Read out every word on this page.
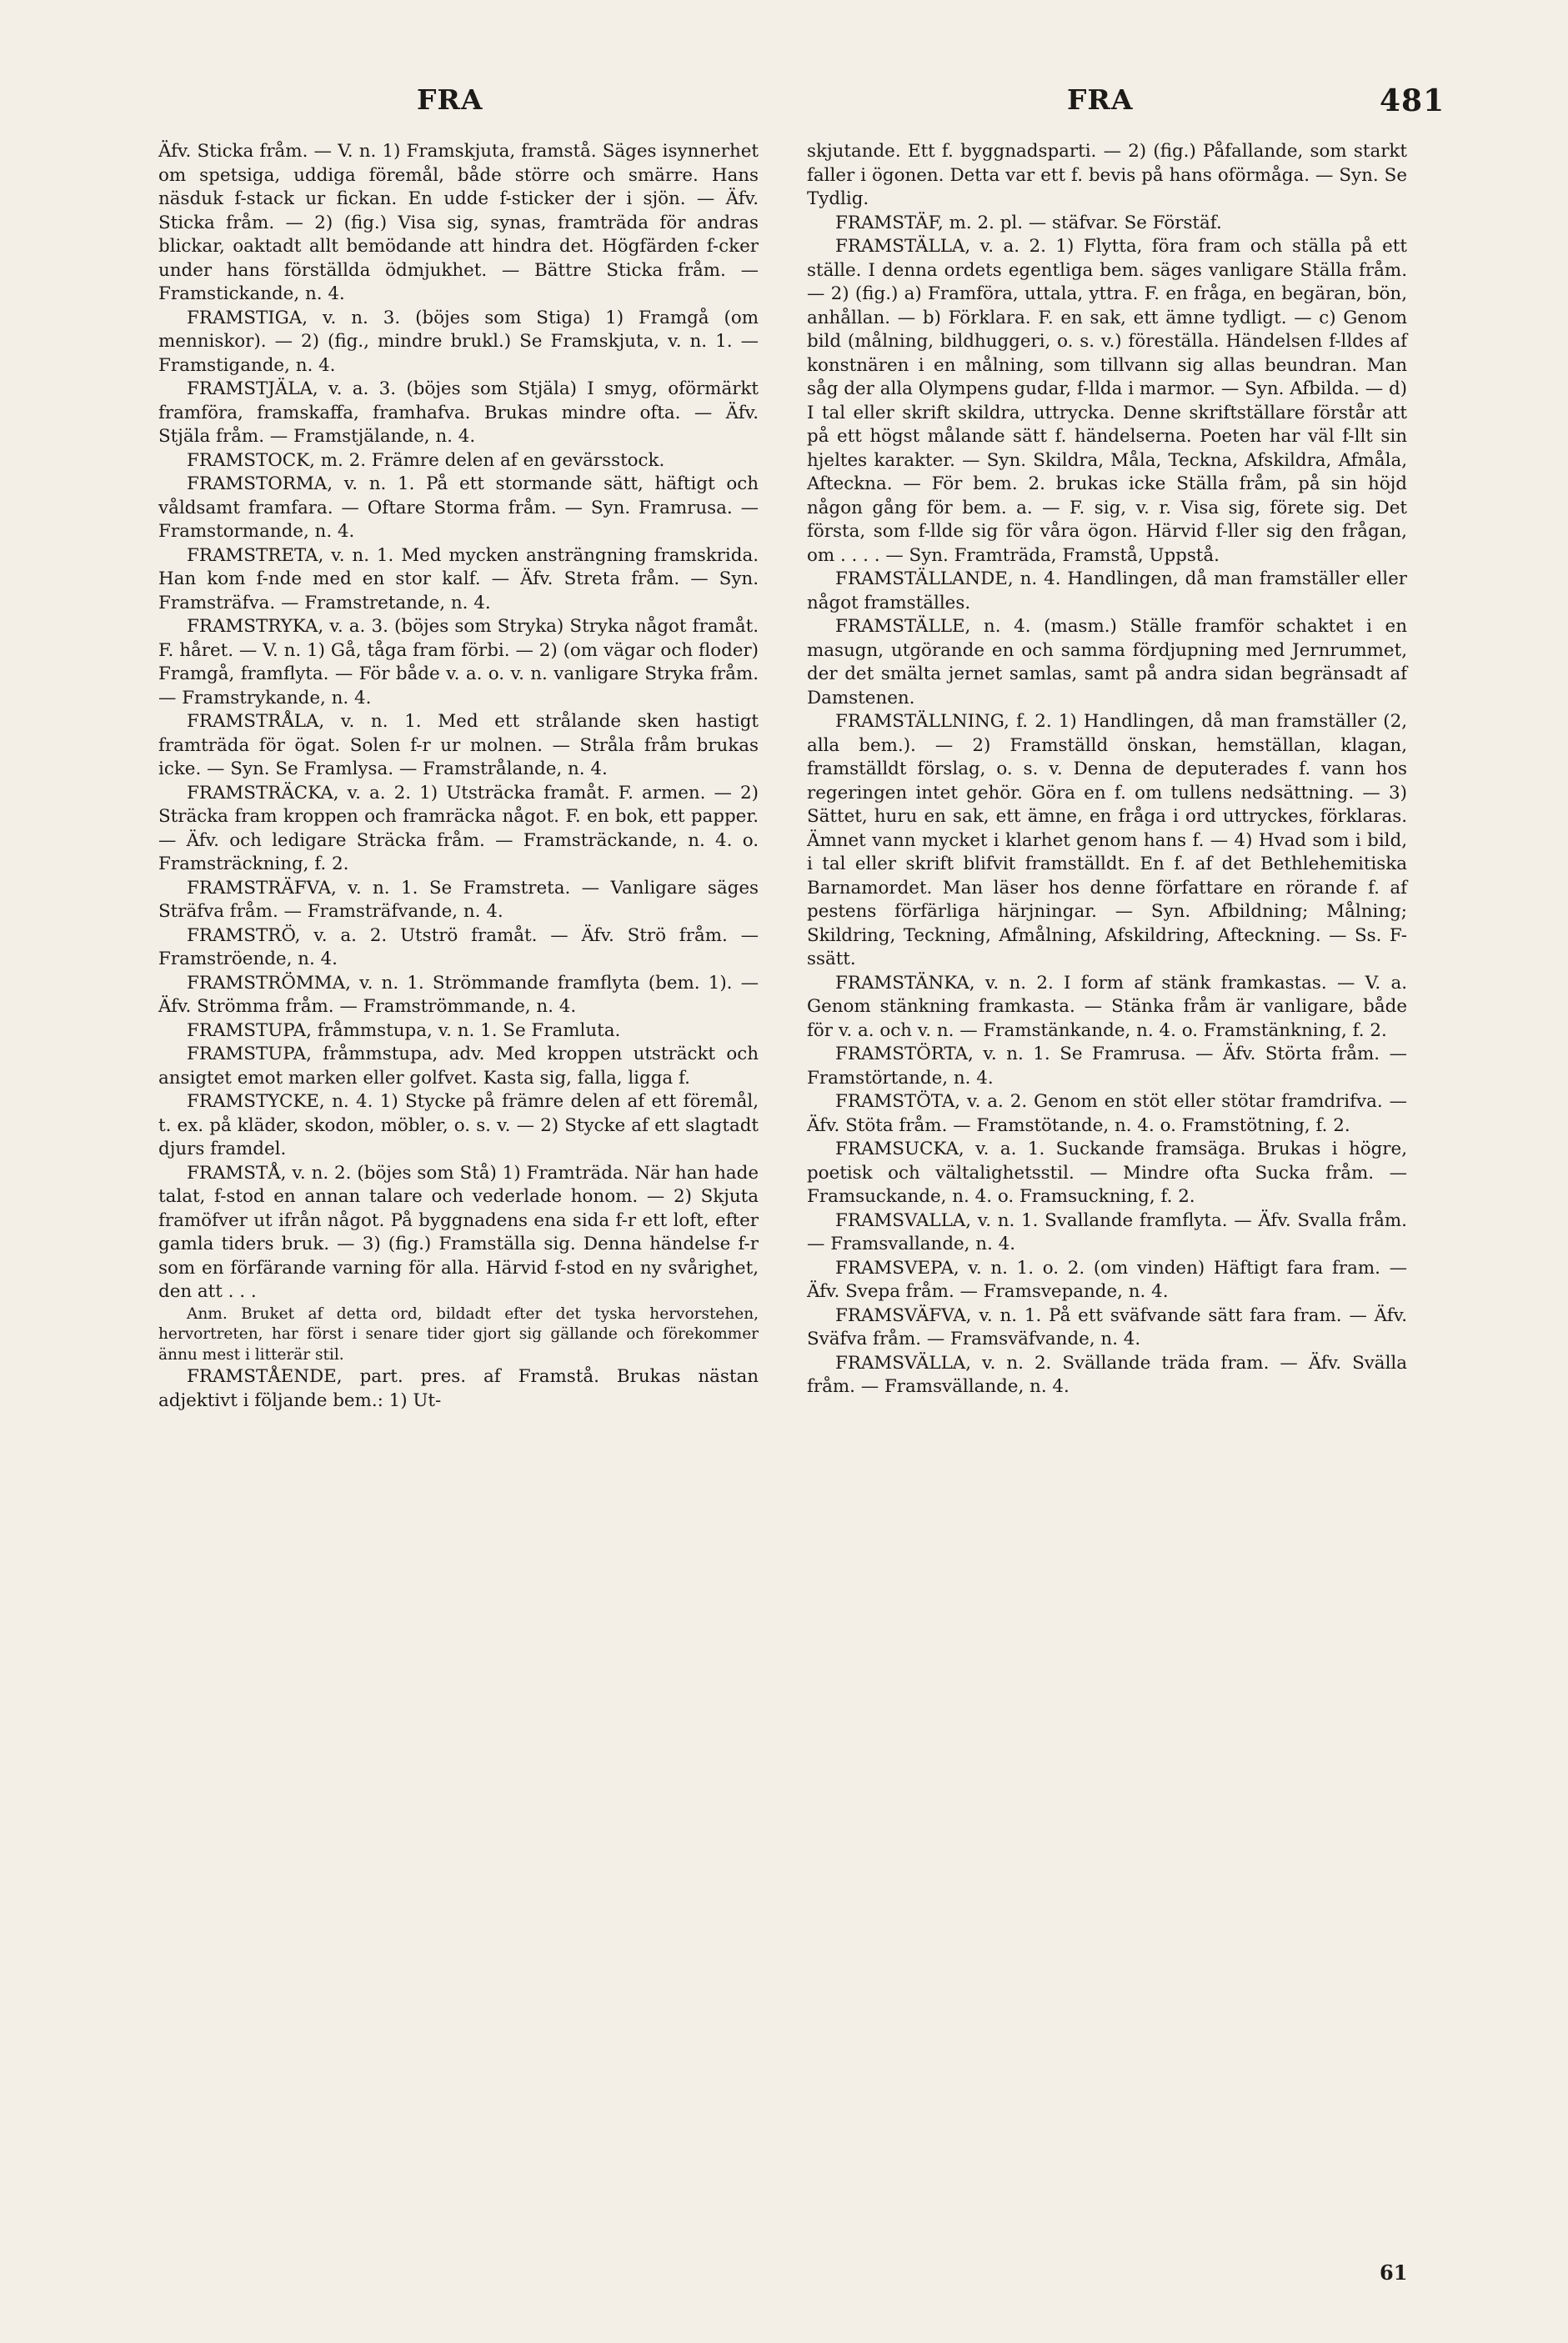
FRA	FRA	481

Äfv. Sticka fråm. — V. n. 1) Framskjuta, framstå. Säges isynnerhet om spetsiga, uddiga föremål, både större och smärre. Hans näsduk f-stack ur fickan. En udde f-sticker der i sjön. — Äfv. Sticka fråm. — 2) (fig.) Visa sig, synas, framträda för andras blickar, oaktadt allt bemödande att hindra det. Högfärden f-cker under hans förställda ödmjukhet. — Bättre Sticka fråm. — Framstickande, n. 4.

FRAMSTIGA, v. n. 3. (böjes som Stiga) 1) Framgå (om menniskor). — 2) (fig., mindre brukl.) Se Framskjuta, v. n. 1. — Framstigande, n. 4.

FRAMSTJÄLA, v. a. 3. (böjes som Stjäla) I smyg, oförmärkt framföra, framskaffa, framhafva. Brukas mindre ofta. — Äfv. Stjäla fråm. — Framstjälande, n. 4.

FRAMSTOCK, m. 2. Främre delen af en gevärsstock.

FRAMSTORMA, v. n. 1. På ett stormande sätt, häftigt och våldsamt framfara. — Oftare Storma fråm. — Syn. Framrusa. — Framstormande, n. 4.

FRAMSTRETA, v. n. 1. Med mycken ansträngning framskrida. Han kom f-nde med en stor kalf. — Äfv. Streta fråm. — Syn. Framsträfva. — Framstretande, n. 4.

FRAMSTRYKA, v. a. 3. (böjes som Stryka) Stryka något framåt. F. håret. — V. n. 1) Gå, tåga fram förbi. — 2) (om vägar och floder) Framgå, framflyta. — För både v. a. o. v. n. vanligare Stryka fråm. — Framstrykande, n. 4.

FRAMSTRÅLA, v. n. 1. Med ett strålande sken hastigt framträda för ögat. Solen f-r ur molnen. — Stråla fråm brukas icke. — Syn. Se Framlysa. — Framstrålande, n. 4.

FRAMSTRÄCKA, v. a. 2. 1) Utsträcka framåt. F. armen. — 2) Sträcka fram kroppen och framräcka något. F. en bok, ett papper. — Äfv. och ledigare Sträcka fråm. — Framsträckande, n. 4. o. Framsträckning, f. 2.

FRAMSTRÄFVA, v. n. 1. Se Framstreta. — Vanligare säges Sträfva fråm. — Framsträfvande, n. 4.

FRAMSTRÖ, v. a. 2. Utströ framåt. — Äfv. Strö fråm. — Framströende, n. 4.

FRAMSTRÖMMA, v. n. 1. Strömmande framflyta (bem. 1). — Äfv. Strömma fråm. — Framströmmande, n. 4.

FRAMSTUPA, fråmmstupa, v. n. 1. Se Framluta.

FRAMSTUPA, fråmmstupa, adv. Med kroppen utsträckt och ansigtet emot marken eller golfvet. Kasta sig, falla, ligga f.

FRAMSTYCKE, n. 4. 1) Stycke på främre delen af ett föremål, t. ex. på kläder, skodon, möbler, o. s. v. — 2) Stycke af ett slagtadt djurs framdel.

FRAMSTÅ, v. n. 2. (böjes som Stå) 1) Framträda. När han hade talat, f-stod en annan talare och vederlade honom. — 2) Skjuta framöfver ut ifrån något. På byggnadens ena sida f-r ett loft, efter gamla tiders bruk. — 3) (fig.) Framställa sig. Denna händelse f-r som en förfärande varning för alla. Härvid f-stod en ny svårighet, den att . . .

Anm. Bruket af detta ord, bildadt efter det tyska hervorstehen, hervortreten, har först i senare tider gjort sig gällande och förekommer ännu mest i litterär stil.

FRAMSTÅENDE, part. pres. af Framstå. Brukas nästan adjektivt i följande bem.: 1) Ut-

skjutande. Ett f. byggnadsparti. — 2) (fig.) Påfallande, som starkt faller i ögonen. Detta var ett f. bevis på hans oförmåga. — Syn. Se Tydlig.

FRAMSTÄF, m. 2. pl. — stäfvar. Se Förstäf.

FRAMSTÄLLA, v. a. 2. 1) Flytta, föra fram och ställa på ett ställe. I denna ordets egentliga bem. säges vanligare Ställa fråm. — 2) (fig.) a) Framföra, uttala, yttra. F. en fråga, en begäran, bön, anhållan. — b) Förklara. F. en sak, ett ämne tydligt. — c) Genom bild (målning, bildhuggeri, o. s. v.) föreställa. Händelsen f-lldes af konstnären i en målning, som tillvann sig allas beundran. Man såg der alla Olympens gudar, f-llda i marmor. — Syn. Afbilda. — d) I tal eller skrift skildra, uttrycka. Denne skriftställare förstår att på ett högst målande sätt f. händelserna. Poeten har väl f-llt sin hjeltes karakter. — Syn. Skildra, Måla, Teckna, Afskildra, Afmåla, Afteckna. — För bem. 2. brukas icke Ställa fråm, på sin höjd någon gång för bem. a. — F. sig, v. r. Visa sig, förete sig. Det första, som f-llde sig för våra ögon. Härvid f-ller sig den frågan, om . . . . — Syn. Framträda, Framstå, Uppstå.

FRAMSTÄLLANDE, n. 4. Handlingen, då man framställer eller något framställes.

FRAMSTÄLLE, n. 4. (masm.) Ställe framför schaktet i en masugn, utgörande en och samma fördjupning med Jernrummet, der det smälta jernet samlas, samt på andra sidan begränsadt af Damstenen.

FRAMSTÄLLNING, f. 2. 1) Handlingen, då man framställer (2, alla bem.). — 2) Framställd önskan, hemställan, klagan, framställdt förslag, o. s. v. Denna de deputerades f. vann hos regeringen intet gehör. Göra en f. om tullens nedsättning. — 3) Sättet, huru en sak, ett ämne, en fråga i ord uttryckes, förklaras. Ämnet vann mycket i klarhet genom hans f. — 4) Hvad som i bild, i tal eller skrift blifvit framställdt. En f. af det Bethlehemitiska Barnamordet. Man läser hos denne författare en rörande f. af pestens förfärliga härjningar. — Syn. Afbildning; Målning; Skildring, Teckning, Afmålning, Afskildring, Afteckning. — Ss. F-ssätt.

FRAMSTÄNKA, v. n. 2. I form af stänk framkastas. — V. a. Genom stänkning framkasta. — Stänka fråm är vanligare, både för v. a. och v. n. — Framstänkande, n. 4. o. Framstänkning, f. 2.

FRAMSTÖRTA, v. n. 1. Se Framrusa. — Äfv. Störta fråm. — Framstörtande, n. 4.

FRAMSTÖTA, v. a. 2. Genom en stöt eller stötar framdrifva. — Äfv. Stöta fråm. — Framstötande, n. 4. o. Framstötning, f. 2.

FRAMSUCKA, v. a. 1. Suckande framsäga. Brukas i högre, poetisk och vältalighetsstil. — Mindre ofta Sucka fråm. — Framsuckande, n. 4. o. Framsuckning, f. 2.

FRAMSVALLA, v. n. 1. Svallande framflyta. — Äfv. Svalla fråm. — Framsvallande, n. 4.

FRAMSVEPA, v. n. 1. o. 2. (om vinden) Häftigt fara fram. — Äfv. Svepa fråm. — Framsvepande, n. 4.

FRAMSVÄFVA, v. n. 1. På ett sväfvande sätt fara fram. — Äfv. Sväfva fråm. — Framsväfvande, n. 4.

FRAMSVÄLLA, v. n. 2. Svällande träda fram. — Äfv. Svälla fråm. — Framsvällande, n. 4.

61
